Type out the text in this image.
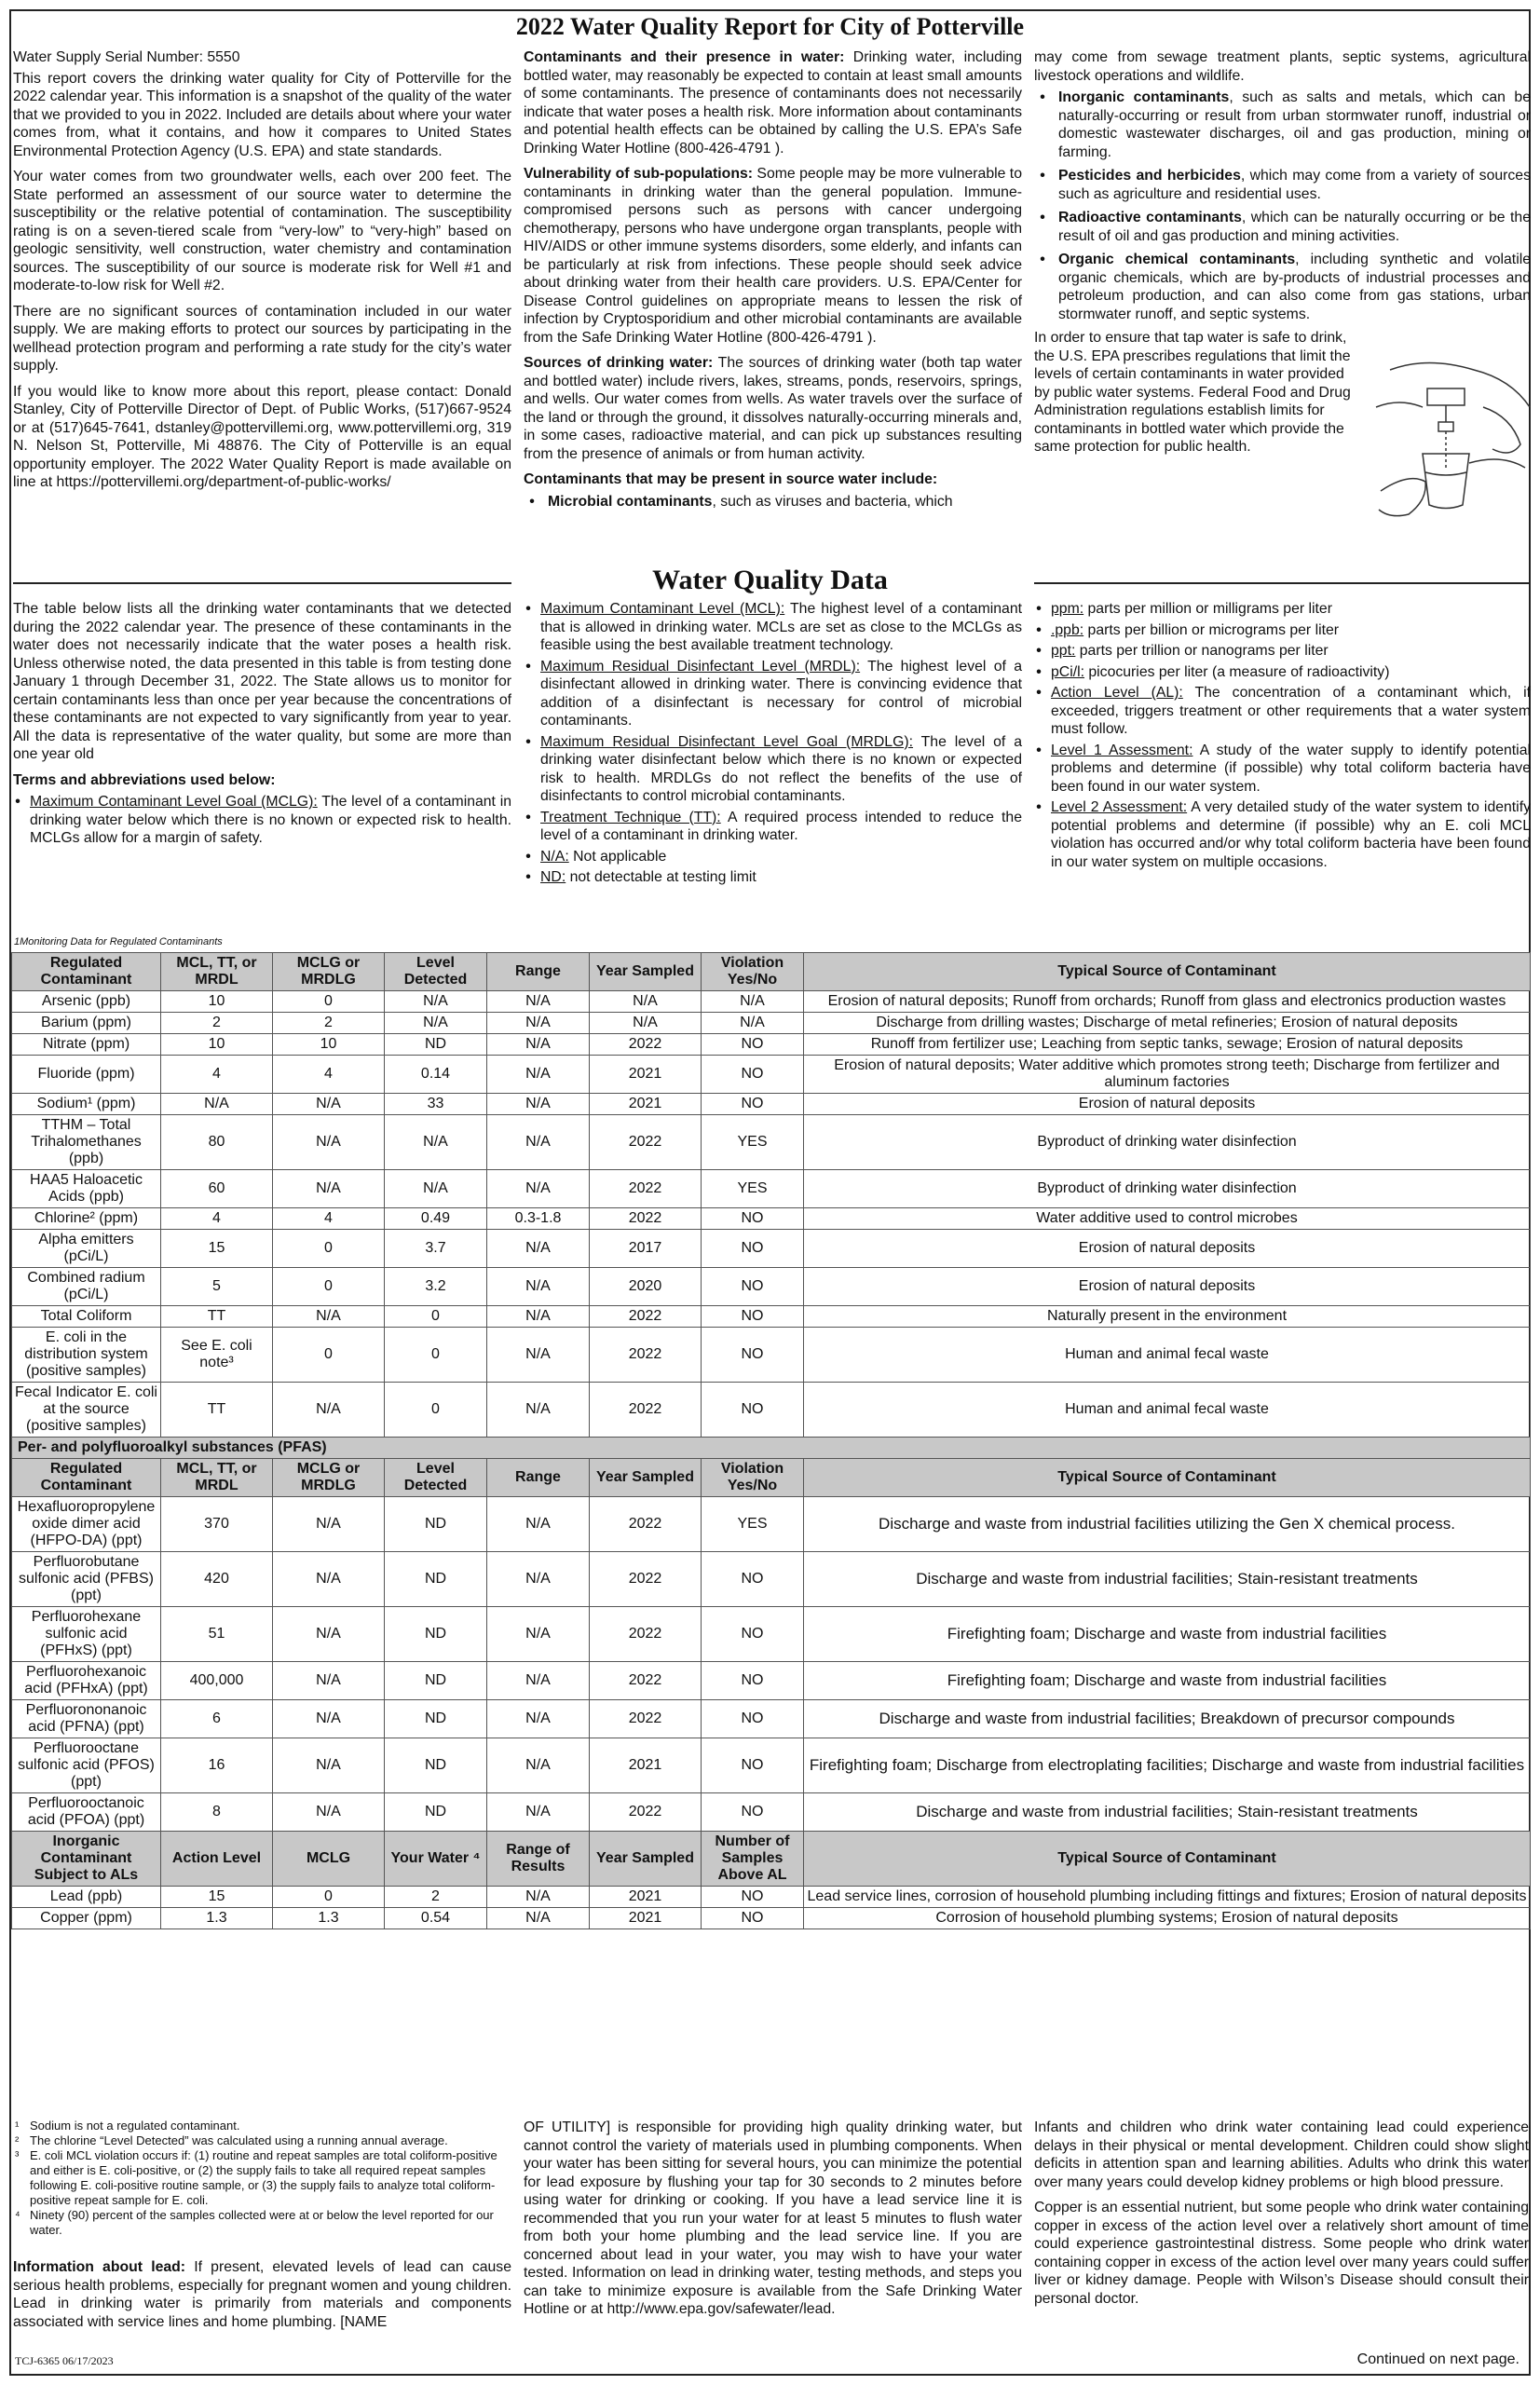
2022 Water Quality Report for City of Potterville

Water Supply Serial Number: 5550

This report covers the drinking water quality for City of Potterville for the 2022 calendar year. This information is a snapshot of the quality of the water that we provided to you in 2022. Included are details about where your water comes from, what it contains, and how it compares to United States Environmental Protection Agency (U.S. EPA) and state standards.

Your water comes from two groundwater wells, each over 200 feet. The State performed an assessment of our source water to determine the susceptibility or the relative potential of contamination. The susceptibility rating is on a seven-tiered scale from “very-low” to “very-high” based on geologic sensitivity, well construction, water chemistry and contamination sources. The susceptibility of our source is moderate risk for Well #1 and moderate-to-low risk for Well #2.

There are no significant sources of contamination included in our water supply. We are making efforts to protect our sources by participating in the wellhead protection program and performing a rate study for the city’s water supply.

If you would like to know more about this report, please contact: Donald Stanley, City of Potterville Director of Dept. of Public Works, (517)667-9524 or at (517)645-7641, dstanley@pottervillemi.org, www.pottervillemi.org, 319 N. Nelson St, Potterville, Mi 48876. The City of Potterville is an equal opportunity employer. The 2022 Water Quality Report is made available on line at https://pottervillemi.org/department-of-public-works/

Contaminants and their presence in water: Drinking water, including bottled water, may reasonably be expected to contain at least small amounts of some contaminants. The presence of contaminants does not necessarily indicate that water poses a health risk. More information about contaminants and potential health effects can be obtained by calling the U.S. EPA’s Safe Drinking Water Hotline (800-426-4791 ).

Vulnerability of sub-populations: Some people may be more vulnerable to contaminants in drinking water than the general population. Immune-compromised persons such as persons with cancer undergoing chemotherapy, persons who have undergone organ transplants, people with HIV/AIDS or other immune systems disorders, some elderly, and infants can be particularly at risk from infections. These people should seek advice about drinking water from their health care providers. U.S. EPA/Center for Disease Control guidelines on appropriate means to lessen the risk of infection by Cryptosporidium and other microbial contaminants are available from the Safe Drinking Water Hotline (800-426-4791 ).

Sources of drinking water: The sources of drinking water (both tap water and bottled water) include rivers, lakes, streams, ponds, reservoirs, springs, and wells. Our water comes from wells. As water travels over the surface of the land or through the ground, it dissolves naturally-occurring minerals and, in some cases, radioactive material, and can pick up substances resulting from the presence of animals or from human activity.

Contaminants that may be present in source water include:

• Microbial contaminants, such as viruses and bacteria, which

may come from sewage treatment plants, septic systems, agricultural livestock operations and wildlife.

• Inorganic contaminants, such as salts and metals, which can be naturally-occurring or result from urban stormwater runoff, industrial or domestic wastewater discharges, oil and gas production, mining or farming.
• Pesticides and herbicides, which may come from a variety of sources such as agriculture and residential uses.
• Radioactive contaminants, which can be naturally occurring or be the result of oil and gas production and mining activities.
• Organic chemical contaminants, including synthetic and volatile organic chemicals, which are by-products of industrial processes and petroleum production, and can also come from gas stations, urban stormwater runoff, and septic systems.

In order to ensure that tap water is safe to drink, the U.S. EPA prescribes regulations that limit the levels of certain contaminants in water provided by public water systems. Federal Food and Drug Administration regulations establish limits for contaminants in bottled water which provide the same protection for public health.

Water Quality Data

The table below lists all the drinking water contaminants that we detected during the 2022 calendar year. The presence of these contaminants in the water does not necessarily indicate that the water poses a health risk. Unless otherwise noted, the data presented in this table is from testing done January 1 through December 31, 2022. The State allows us to monitor for certain contaminants less than once per year because the concentrations of these contaminants are not expected to vary significantly from year to year. All the data is representative of the water quality, but some are more than one year old

Terms and abbreviations used below:

• Maximum Contaminant Level Goal (MCLG): The level of a contaminant in drinking water below which there is no known or expected risk to health. MCLGs allow for a margin of safety.
• Maximum Contaminant Level (MCL): The highest level of a contaminant that is allowed in drinking water. MCLs are set as close to the MCLGs as feasible using the best available treatment technology.
• Maximum Residual Disinfectant Level (MRDL): The highest level of a disinfectant allowed in drinking water. There is convincing evidence that addition of a disinfectant is necessary for control of microbial contaminants.
• Maximum Residual Disinfectant Level Goal (MRDLG): The level of a drinking water disinfectant below which there is no known or expected risk to health. MRDLGs do not reflect the benefits of the use of disinfectants to control microbial contaminants.
• Treatment Technique (TT): A required process intended to reduce the level of a contaminant in drinking water.
• N/A: Not applicable
• ND: not detectable at testing limit
• ppm: parts per million or milligrams per liter
• .ppb: parts per billion or micrograms per liter
• ppt: parts per trillion or nanograms per liter
• pCi/l: picocuries per liter (a measure of radioactivity)
• Action Level (AL): The concentration of a contaminant which, if exceeded, triggers treatment or other requirements that a water system must follow.
• Level 1 Assessment: A study of the water supply to identify potential problems and determine (if possible) why total coliform bacteria have been found in our water system.
• Level 2 Assessment: A very detailed study of the water system to identify potential problems and determine (if possible) why an E. coli MCL violation has occurred and/or why total coliform bacteria have been found in our water system on multiple occasions.
1Monitoring Data for Regulated Contaminants
Regulated Contaminant	MCL, TT, or MRDL	MCLG or MRDLG	Level Detected	Range	Year Sampled	Violation Yes/No	Typical Source of Contaminant
Arsenic (ppb)	10	0	N/A	N/A	N/A	N/A	Erosion of natural deposits; Runoff from orchards; Runoff from glass and electronics production wastes
Barium (ppm)	2	2	N/A	N/A	N/A	N/A	Discharge from drilling wastes; Discharge of metal refineries; Erosion of natural deposits
Nitrate (ppm)	10	10	ND	N/A	2022	NO	Runoff from fertilizer use; Leaching from septic tanks, sewage; Erosion of natural deposits
Fluoride (ppm)	4	4	0.14	N/A	2021	NO	Erosion of natural deposits; Water additive which promotes strong teeth; Discharge from fertilizer and aluminum factories
Sodium¹ (ppm)	N/A	N/A	33	N/A	2021	NO	Erosion of natural deposits
TTHM – Total Trihalomethanes (ppb)	80	N/A	N/A	N/A	2022	YES	Byproduct of drinking water disinfection
HAA5 Haloacetic Acids (ppb)	60	N/A	N/A	N/A	2022	YES	Byproduct of drinking water disinfection
Chlorine² (ppm)	4	4	0.49	0.3-1.8	2022	NO	Water additive used to control microbes
Alpha emitters (pCi/L)	15	0	3.7	N/A	2017	NO	Erosion of natural deposits
Combined radium (pCi/L)	5	0	3.2	N/A	2020	NO	Erosion of natural deposits
Total Coliform	TT	N/A	0	N/A	2022	NO	Naturally present in the environment
E. coli in the distribution system (positive samples)	See E. coli note³	0	0	N/A	2022	NO	Human and animal fecal waste
Fecal Indicator E. coli at the source (positive samples)	TT	N/A	0	N/A	2022	NO	Human and animal fecal waste
Per- and polyfluoroalkyl substances (PFAS)							
Regulated Contaminant	MCL, TT, or MRDL	MCLG or MRDLG	Level Detected	Range	Year Sampled	Violation Yes/No	Typical Source of Contaminant
Hexafluoropropylene oxide dimer acid (HFPO-DA) (ppt)	370	N/A	ND	N/A	2022	YES	Discharge and waste from industrial facilities utilizing the Gen X chemical process.
Perfluorobutane sulfonic acid (PFBS) (ppt)	420	N/A	ND	N/A	2022	NO	Discharge and waste from industrial facilities; Stain-resistant treatments
Perfluorohexane sulfonic acid (PFHxS) (ppt)	51	N/A	ND	N/A	2022	NO	Firefighting foam; Discharge and waste from industrial facilities
Perfluorohexanoic acid (PFHxA) (ppt)	400,000	N/A	ND	N/A	2022	NO	Firefighting foam; Discharge and waste from industrial facilities
Perfluorononanoic acid (PFNA) (ppt)	6	N/A	ND	N/A	2022	NO	Discharge and waste from industrial facilities; Breakdown of precursor compounds
Perfluorooctane sulfonic acid (PFOS) (ppt)	16	N/A	ND	N/A	2021	NO	Firefighting foam; Discharge from electroplating facilities; Discharge and waste from industrial facilities
Perfluorooctanoic acid (PFOA) (ppt)	8	N/A	ND	N/A	2022	NO	Discharge and waste from industrial facilities; Stain-resistant treatments
Inorganic Contaminant Subject to ALs	Action Level	MCLG	Your Water ⁴	Range of Results	Year Sampled	Number of Samples Above AL	Typical Source of Contaminant
Lead (ppb)	15	0	2	N/A	2021	NO	Lead service lines, corrosion of household plumbing including fittings and fixtures; Erosion of natural deposits
Copper (ppm)	1.3	1.3	0.54	N/A	2021	NO	Corrosion of household plumbing systems; Erosion of natural deposits
¹ Sodium is not a regulated contaminant.
² The chlorine “Level Detected” was calculated using a running annual average.
³ E. coli MCL violation occurs if: (1) routine and repeat samples are total coliform-positive and either is E. coli-positive, or (2) the supply fails to take all required repeat samples following E. coli-positive routine sample, or (3) the supply fails to analyze total coliform-positive repeat sample for E. coli.
⁴ Ninety (90) percent of the samples collected were at or below the level reported for our water.
Information about lead: If present, elevated levels of lead can cause serious health problems, especially for pregnant women and young children. Lead in drinking water is primarily from materials and components associated with service lines and home plumbing. [NAME
OF UTILITY] is responsible for providing high quality drinking water, but cannot control the variety of materials used in plumbing components. When your water has been sitting for several hours, you can minimize the potential for lead exposure by flushing your tap for 30 seconds to 2 minutes before using water for drinking or cooking. If you have a lead service line it is recommended that you run your water for at least 5 minutes to flush water from both your home plumbing and the lead service line. If you are concerned about lead in your water, you may wish to have your water tested. Information on lead in drinking water, testing methods, and steps you can take to minimize exposure is available from the Safe Drinking Water Hotline or at http://www.epa.gov/safewater/lead.

Infants and children who drink water containing lead could experience delays in their physical or mental development. Children could show slight deficits in attention span and learning abilities. Adults who drink this water over many years could develop kidney problems or high blood pressure.

Copper is an essential nutrient, but some people who drink water containing copper in excess of the action level over a relatively short amount of time could experience gastrointestinal distress. Some people who drink water containing copper in excess of the action level over many years could suffer liver or kidney damage. People with Wilson’s Disease should consult their personal doctor.

TCJ-6365 06/17/2023	Continued on next page.
